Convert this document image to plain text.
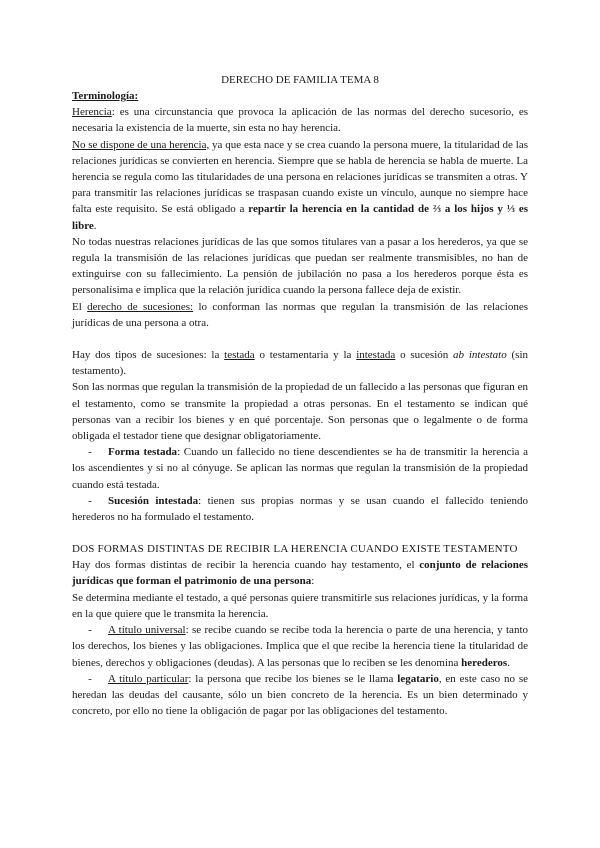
DERECHO DE FAMILIA TEMA 8

Terminología:

Herencia: es una circunstancia que provoca la aplicación de las normas del derecho sucesorio, es necesaria la existencia de la muerte, sin esta no hay herencia.

No se dispone de una herencia, ya que esta nace y se crea cuando la persona muere, la titularidad de las relaciones jurídicas se convierten en herencia. Siempre que se habla de herencia se habla de muerte. La herencia se regula como las titularidades de una persona en relaciones jurídicas se transmiten a otras. Y para transmitir las relaciones jurídicas se traspasan cuando existe un vínculo, aunque no siempre hace falta este requisito. Se está obligado a repartir la herencia en la cantidad de ⅔ a los hijos y ⅓ es libre.

No todas nuestras relaciones jurídicas de las que somos titulares van a pasar a los herederos, ya que se regula la transmisión de las relaciones jurídicas que puedan ser realmente transmisibles, no han de extinguirse con su fallecimiento. La pensión de jubilación no pasa a los herederos porque ésta es personalísima e implica que la relación jurídica cuando la persona fallece deja de existir.

El derecho de sucesiones: lo conforman las normas que regulan la transmisión de las relaciones jurídicas de una persona a otra.

Hay dos tipos de sucesiones: la testada o testamentaria y la intestada o sucesión ab intestato (sin testamento).

Son las normas que regulan la transmisión de la propiedad de un fallecido a las personas que figuran en el testamento, como se transmite la propiedad a otras personas. En el testamento se indican qué personas van a recibir los bienes y en qué porcentaje. Son personas que o legalmente o de forma obligada el testador tiene que designar obligatoriamente.

- Forma testada: Cuando un fallecido no tiene descendientes se ha de transmitir la herencia a los ascendientes y si no al cónyuge. Se aplican las normas que regulan la transmisión de la propiedad cuando está testada.

- Sucesión intestada: tienen sus propias normas y se usan cuando el fallecido teniendo herederos no ha formulado el testamento.

DOS FORMAS DISTINTAS DE RECIBIR LA HERENCIA CUANDO EXISTE TESTAMENTO

Hay dos formas distintas de recibir la herencia cuando hay testamento, el conjunto de relaciones jurídicas que forman el patrimonio de una persona:

Se determina mediante el testado, a qué personas quiere transmitirle sus relaciones jurídicas, y la forma en la que quiere que le transmita la herencia.

- A título universal: se recibe cuando se recibe toda la herencia o parte de una herencia, y tanto los derechos, los bienes y las obligaciones. Implica que el que recibe la herencia tiene la titularidad de bienes, derechos y obligaciones (deudas). A las personas que lo reciben se les denomina herederos.

- A título particular: la persona que recibe los bienes se le llama legatario, en este caso no se heredan las deudas del causante, sólo un bien concreto de la herencia. Es un bien determinado y concreto, por ello no tiene la obligación de pagar por las obligaciones del testamento.
